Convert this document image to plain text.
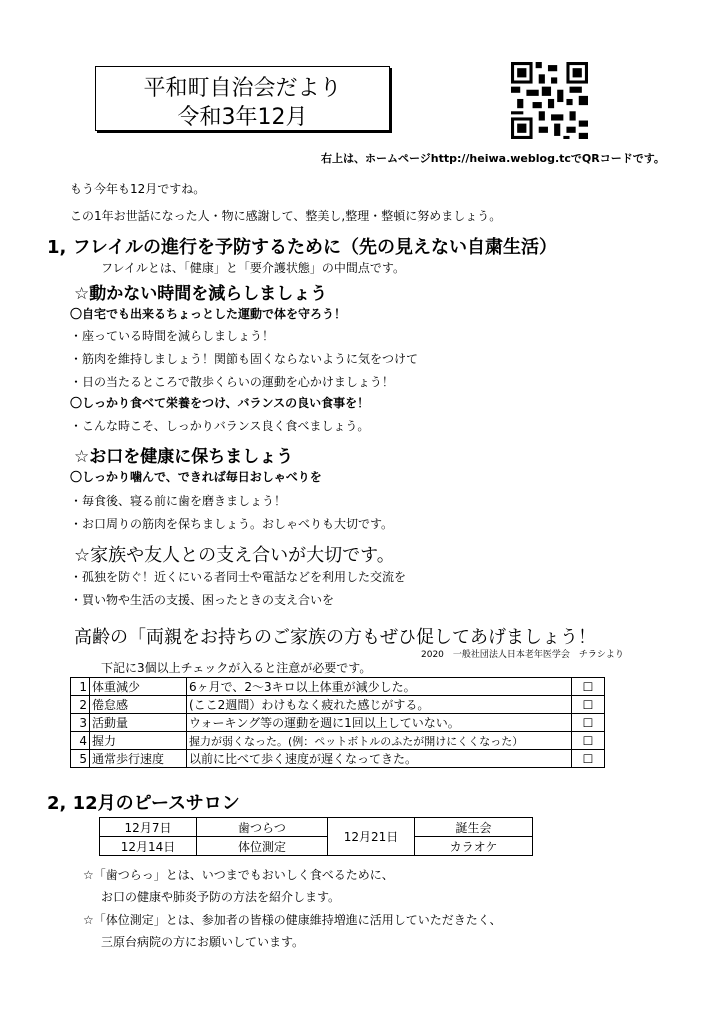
平和町自治会だより
令和3年12月
右上は、ホームページhttp://heiwa.weblog.tcでQRコードです。
もう今年も12月ですね。
この1年お世話になった人・物に感謝して、整美し,整理・整頓に努めましょう。
1, フレイルの進行を予防するために（先の見えない自粛生活）
フレイルとは、「健康」と「要介護状態」の中間点です。
☆動かない時間を減らしましょう
〇自宅でも出来るちょっとした運動で体を守ろう！
・座っている時間を減らしましょう！
・筋肉を維持しましょう！関節も固くならないように気をつけて
・日の当たるところで散歩くらいの運動を心かけましょう！
〇しっかり食べて栄養をつけ、バランスの良い食事を！
・こんな時こそ、しっかりバランス良く食べましょう。
☆お口を健康に保ちましょう
〇しっかり噛んで、できれば毎日おしゃべりを
・毎食後、寝る前に歯を磨きましょう！
・お口周りの筋肉を保ちましょう。おしゃべりも大切です。
☆家族や友人との支え合いが大切です。
・孤独を防ぐ！近くにいる者同士や電話などを利用した交流を
・買い物や生活の支援、困ったときの支え合いを
高齢の「両親をお持ちのご家族の方もぜひ促してあげましょう！
2020　一般社団法人日本老年医学会　チラシより
下記に3個以上チェックが入ると注意が必要です。
1	体重減少	6ヶ月で、2～3キロ以上体重が減少した。	☐
2	倦怠感	(ここ2週間）わけもなく疲れた感じがする。	☐
3	活動量	ウォーキング等の運動を週に1回以上していない。	☐
4	握力	握力が弱くなった。(例：ペットボトルのふたが開けにくくなった）	☐
5	通常歩行速度	以前に比べて歩く速度が遅くなってきた。	☐
2, 12月のピースサロン
12月7日	歯つらつ	12月21日	誕生会
12月14日	体位測定		カラオケ
☆「歯つらっ」とは、いつまでもおいしく食べるために、
お口の健康や肺炎予防の方法を紹介します。
☆「体位測定」とは、参加者の皆様の健康維持増進に活用していただきたく、
三原台病院の方にお願いしています。
